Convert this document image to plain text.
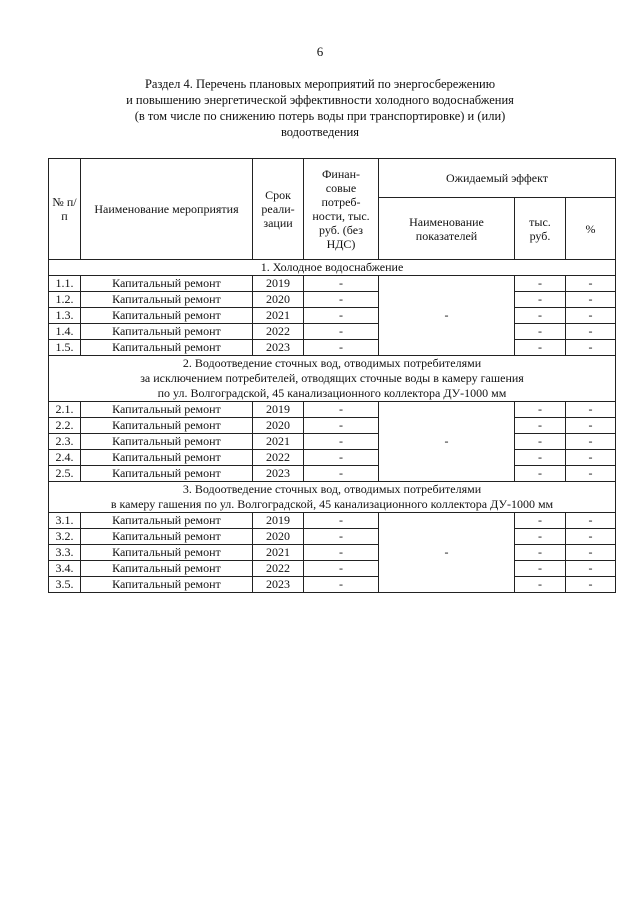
6
Раздел 4. Перечень плановых мероприятий по энергосбережению
и повышению энергетической эффективности холодного водоснабжения
(в том числе по снижению потерь воды при транспортировке) и (или)
водоотведения
№ п/п	Наименование мероприятия	Срок реали-зации	Финан-совые потреб-ности, тыс. руб. (без НДС)	Ожидаемый эффект		
				Наименование показателей	тыс. руб.	%

1. Холодное водоснабжение						

1.1.	Капитальный ремонт	2019	-	-	-	-
1.2.	Капитальный ремонт	2020	-		-	-
1.3.	Капитальный ремонт	2021	-		-	-
1.4.	Капитальный ремонт	2022	-		-	-
1.5.	Капитальный ремонт	2023	-		-	-

2. Водоотведение сточных вод, отводимых потребителями
за исключением потребителей, отводящих сточные воды в камеру гашения
по ул. Волгоградской, 45 канализационного коллектора ДУ-1000 мм						

2.1.	Капитальный ремонт	2019	-	-	-	-
2.2.	Капитальный ремонт	2020	-		-	-
2.3.	Капитальный ремонт	2021	-		-	-
2.4.	Капитальный ремонт	2022	-		-	-
2.5.	Капитальный ремонт	2023	-		-	-

3. Водоотведение сточных вод, отводимых потребителями
в камеру гашения по ул. Волгоградской, 45 канализационного коллектора ДУ-1000 мм						

3.1.	Капитальный ремонт	2019	-	-	-	-
3.2.	Капитальный ремонт	2020	-		-	-
3.3.	Капитальный ремонт	2021	-		-	-
3.4.	Капитальный ремонт	2022	-		-	-
3.5.	Капитальный ремонт	2023	-		-	-
